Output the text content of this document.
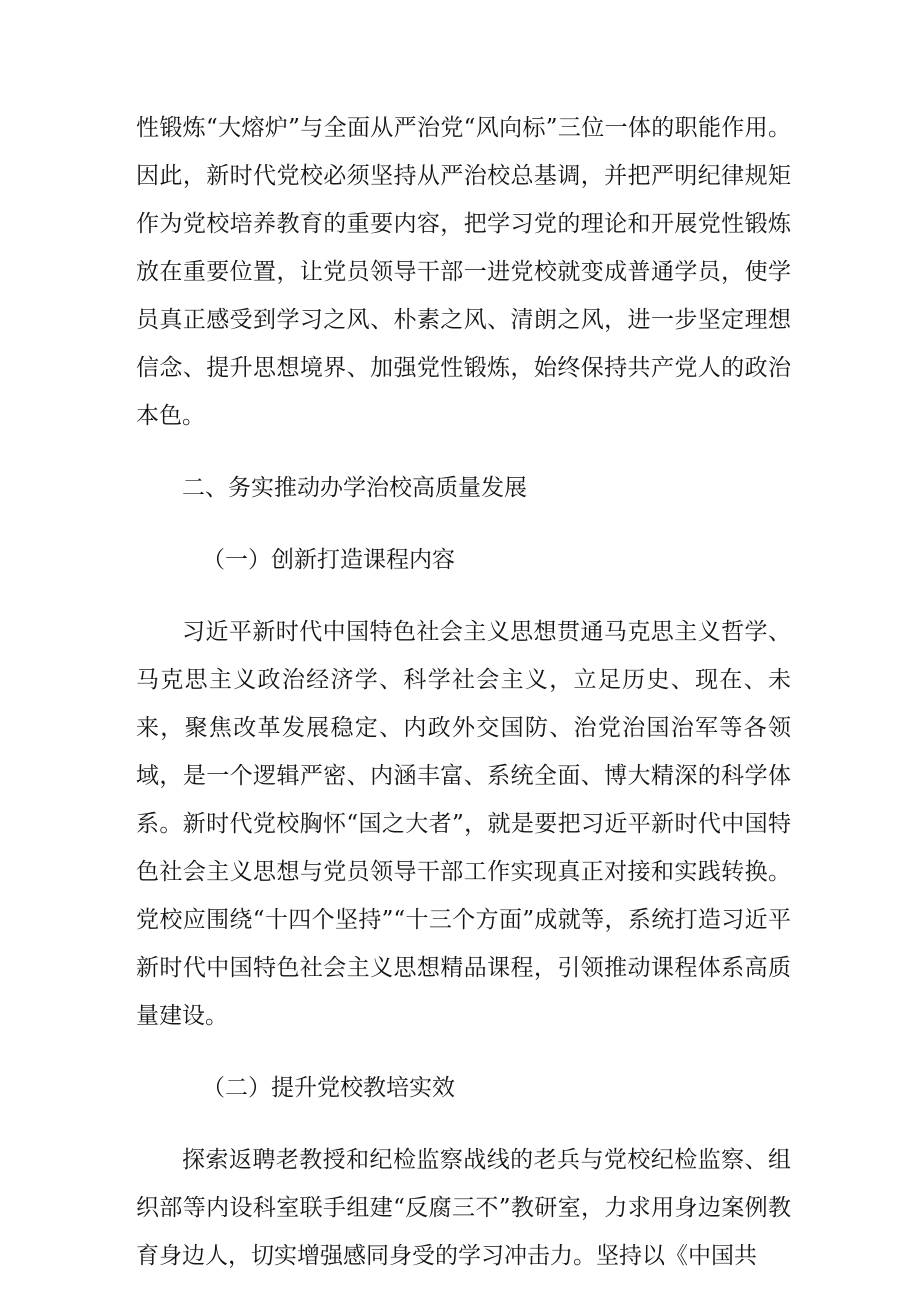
性锻炼“大熔炉”与全面从严治党“风向标”三位一体的职能作用。因此，新时代党校必须坚持从严治校总基调，并把严明纪律规矩作为党校培养教育的重要内容，把学习党的理论和开展党性锻炼放在重要位置，让党员领导干部一进党校就变成普通学员，使学员真正感受到学习之风、朴素之风、清朗之风，进一步坚定理想信念、提升思想境界、加强党性锻炼，始终保持共产党人的政治本色。

二、务实推动办学治校高质量发展

（一）创新打造课程内容

习近平新时代中国特色社会主义思想贯通马克思主义哲学、马克思主义政治经济学、科学社会主义，立足历史、现在、未来，聚焦改革发展稳定、内政外交国防、治党治国治军等各领域，是一个逻辑严密、内涵丰富、系统全面、博大精深的科学体系。新时代党校胸怀“国之大者”，就是要把习近平新时代中国特色社会主义思想与党员领导干部工作实现真正对接和实践转换。党校应围绕“十四个坚持”“十三个方面”成就等，系统打造习近平新时代中国特色社会主义思想精品课程，引领推动课程体系高质量建设。

（二）提升党校教培实效

探索返聘老教授和纪检监察战线的老兵与党校纪检监察、组织部等内设科室联手组建“反腐三不”教研室，力求用身边案例教育身边人，切实增强感同身受的学习冲击力。坚持以《中国共
